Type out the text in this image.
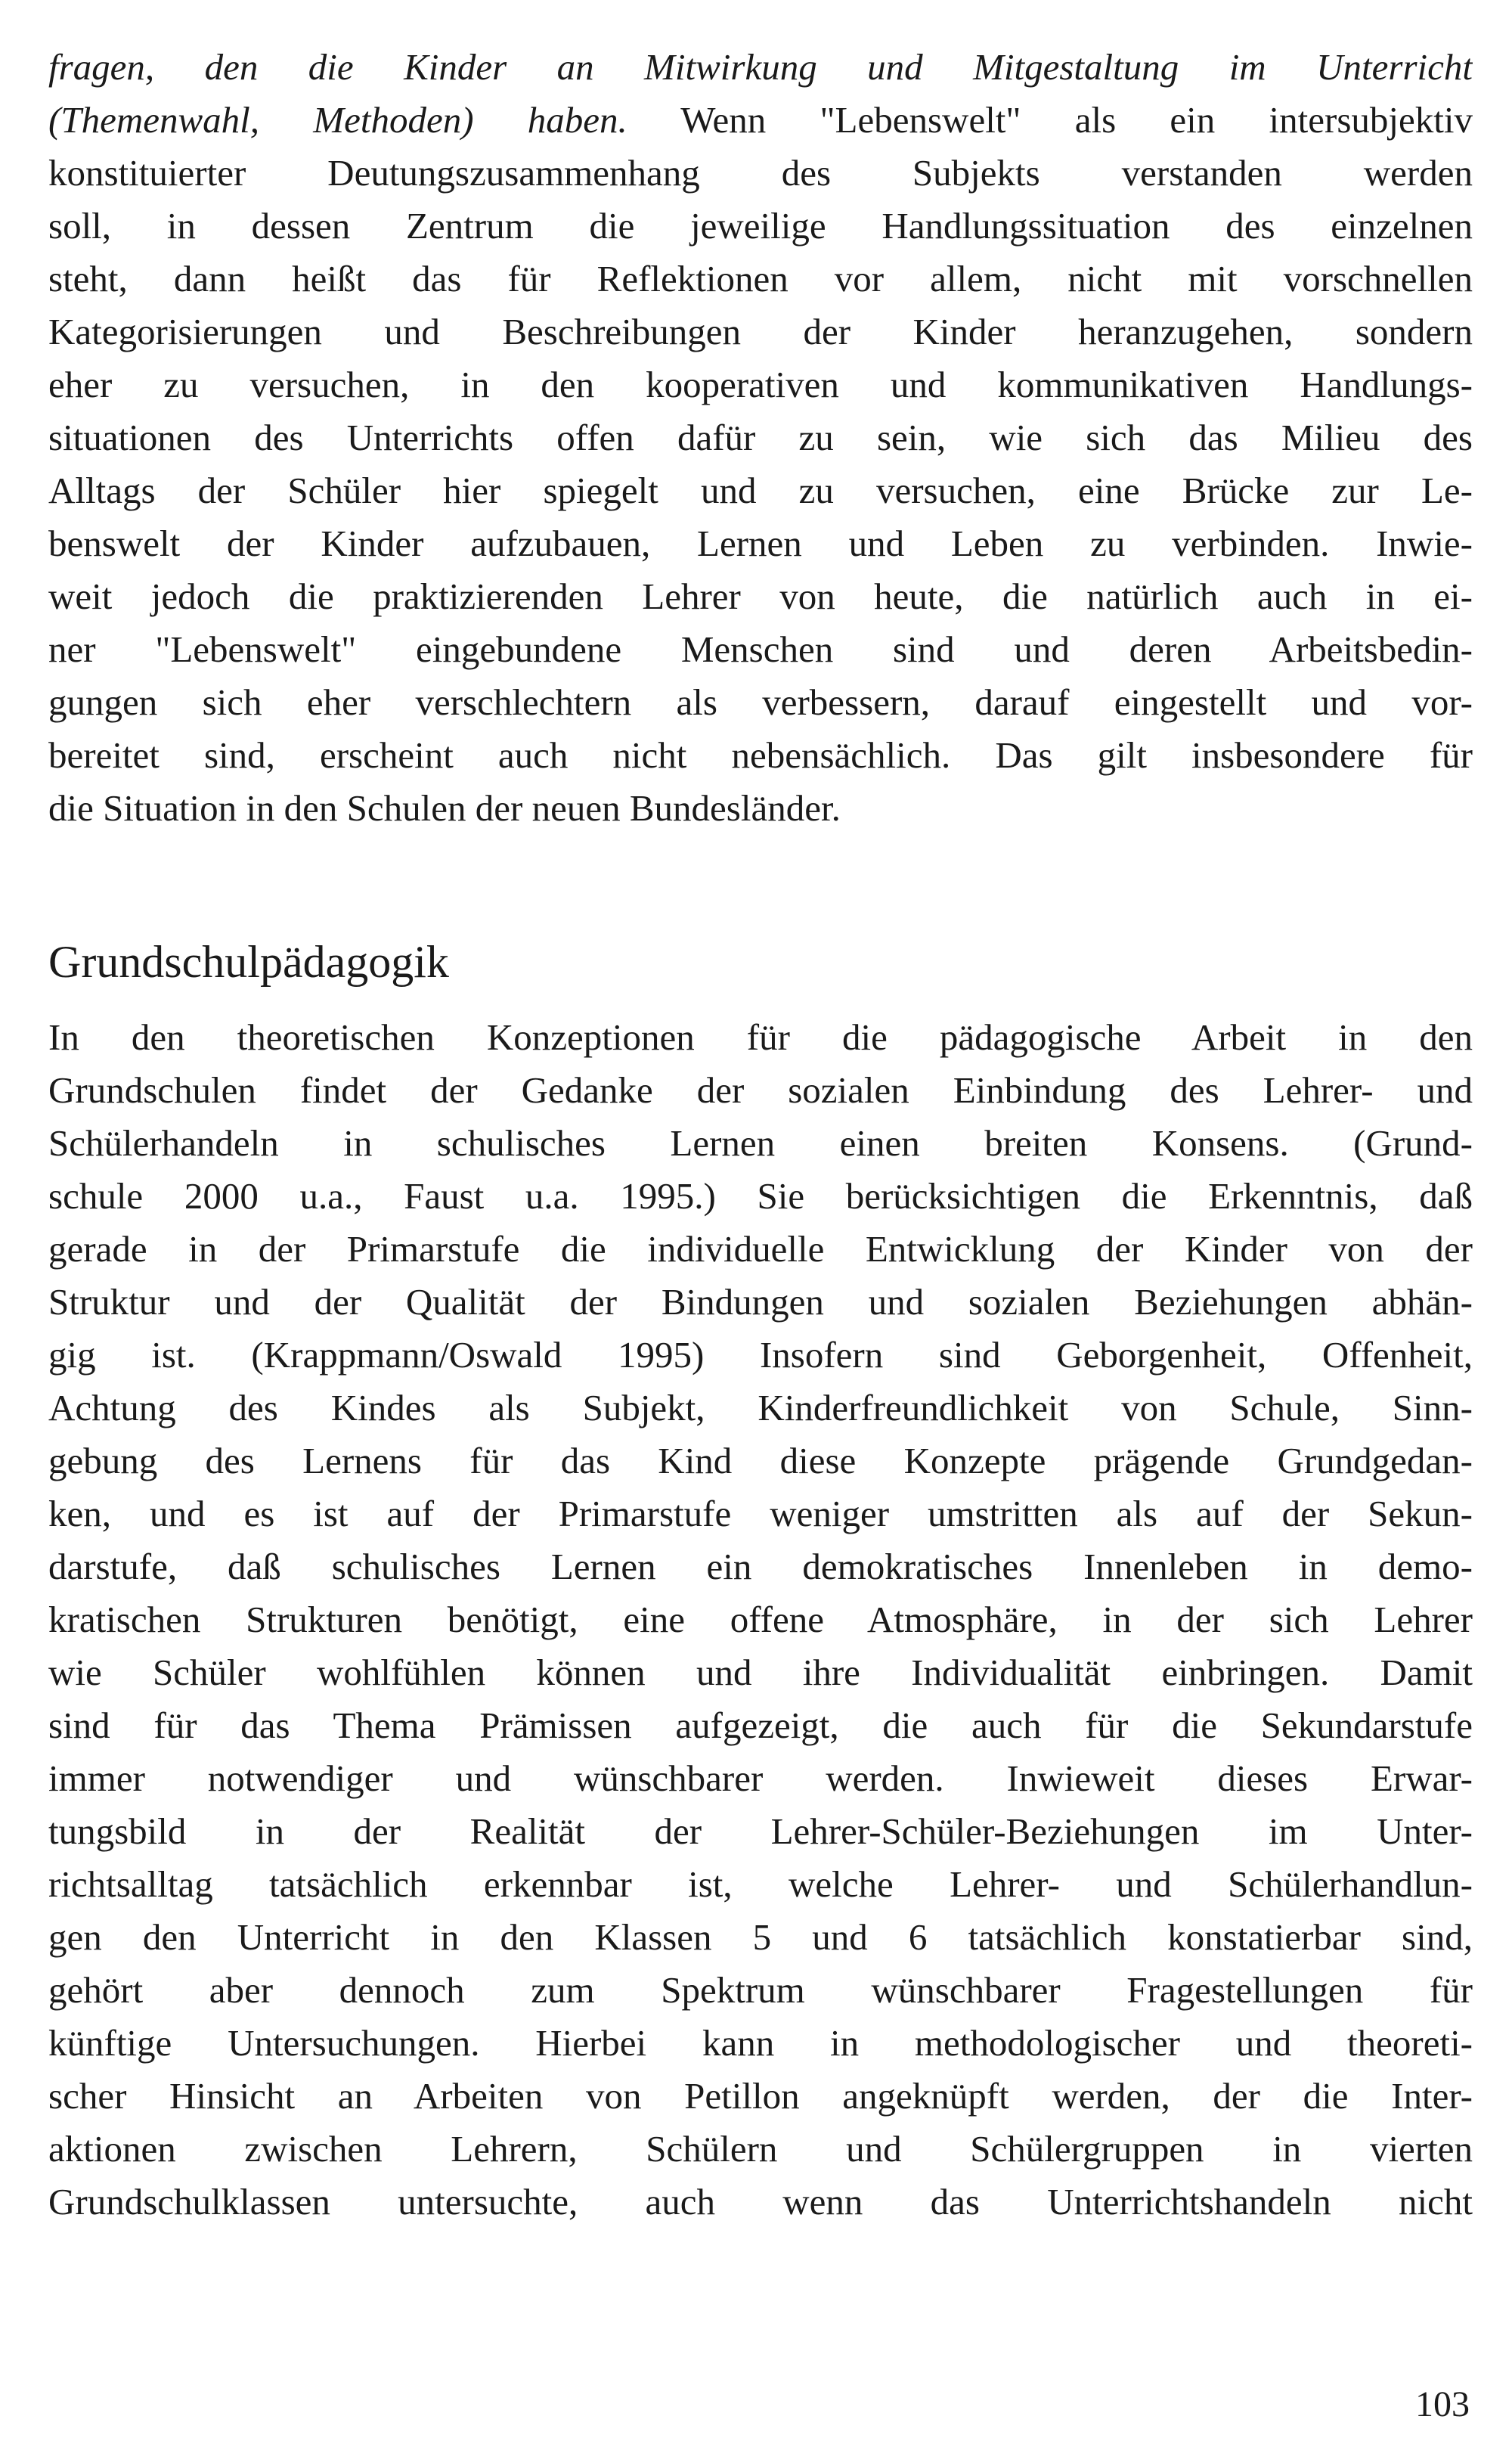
fragen, den die Kinder an Mitwirkung und Mitgestaltung im Unterricht
(Themenwahl, Methoden) haben. Wenn "Lebenswelt" als ein intersubjektiv
konstituierter Deutungszusammenhang des Subjekts verstanden werden
soll, in dessen Zentrum die jeweilige Handlungssituation des einzelnen
steht, dann heißt das für Reflektionen vor allem, nicht mit vorschnellen
Kategorisierungen und Beschreibungen der Kinder heranzugehen, sondern
eher zu versuchen, in den kooperativen und kommunikativen Handlungs-
situationen des Unterrichts offen dafür zu sein, wie sich das Milieu des
Alltags der Schüler hier spiegelt und zu versuchen, eine Brücke zur Le-
benswelt der Kinder aufzubauen, Lernen und Leben zu verbinden. Inwie-
weit jedoch die praktizierenden Lehrer von heute, die natürlich auch in ei-
ner "Lebenswelt" eingebundene Menschen sind und deren Arbeitsbedin-
gungen sich eher verschlechtern als verbessern, darauf eingestellt und vor-
bereitet sind, erscheint auch nicht nebensächlich. Das gilt insbesondere für
die Situation in den Schulen der neuen Bundesländer.
Grundschulpädagogik
In den theoretischen Konzeptionen für die pädagogische Arbeit in den
Grundschulen findet der Gedanke der sozialen Einbindung des Lehrer- und
Schülerhandeln in schulisches Lernen einen breiten Konsens. (Grund-
schule 2000 u.a., Faust u.a. 1995.) Sie berücksichtigen die Erkenntnis, daß
gerade in der Primarstufe die individuelle Entwicklung der Kinder von der
Struktur und der Qualität der Bindungen und sozialen Beziehungen abhän-
gig ist. (Krappmann/Oswald 1995) Insofern sind Geborgenheit, Offenheit,
Achtung des Kindes als Subjekt, Kinderfreundlichkeit von Schule, Sinn-
gebung des Lernens für das Kind diese Konzepte prägende Grundgedan-
ken, und es ist auf der Primarstufe weniger umstritten als auf der Sekun-
darstufe, daß schulisches Lernen ein demokratisches Innenleben in demo-
kratischen Strukturen benötigt, eine offene Atmosphäre, in der sich Lehrer
wie Schüler wohlfühlen können und ihre Individualität einbringen. Damit
sind für das Thema Prämissen aufgezeigt, die auch für die Sekundarstufe
immer notwendiger und wünschbarer werden. Inwieweit dieses Erwar-
tungsbild in der Realität der Lehrer-Schüler-Beziehungen im Unter-
richtsalltag tatsächlich erkennbar ist, welche Lehrer- und Schülerhandlun-
gen den Unterricht in den Klassen 5 und 6 tatsächlich konstatierbar sind,
gehört aber dennoch zum Spektrum wünschbarer Fragestellungen für
künftige Untersuchungen. Hierbei kann in methodologischer und theoreti-
scher Hinsicht an Arbeiten von Petillon angeknüpft werden, der die Inter-
aktionen zwischen Lehrern, Schülern und Schülergruppen in vierten
Grundschulklassen untersuchte, auch wenn das Unterrichtshandeln nicht
103
